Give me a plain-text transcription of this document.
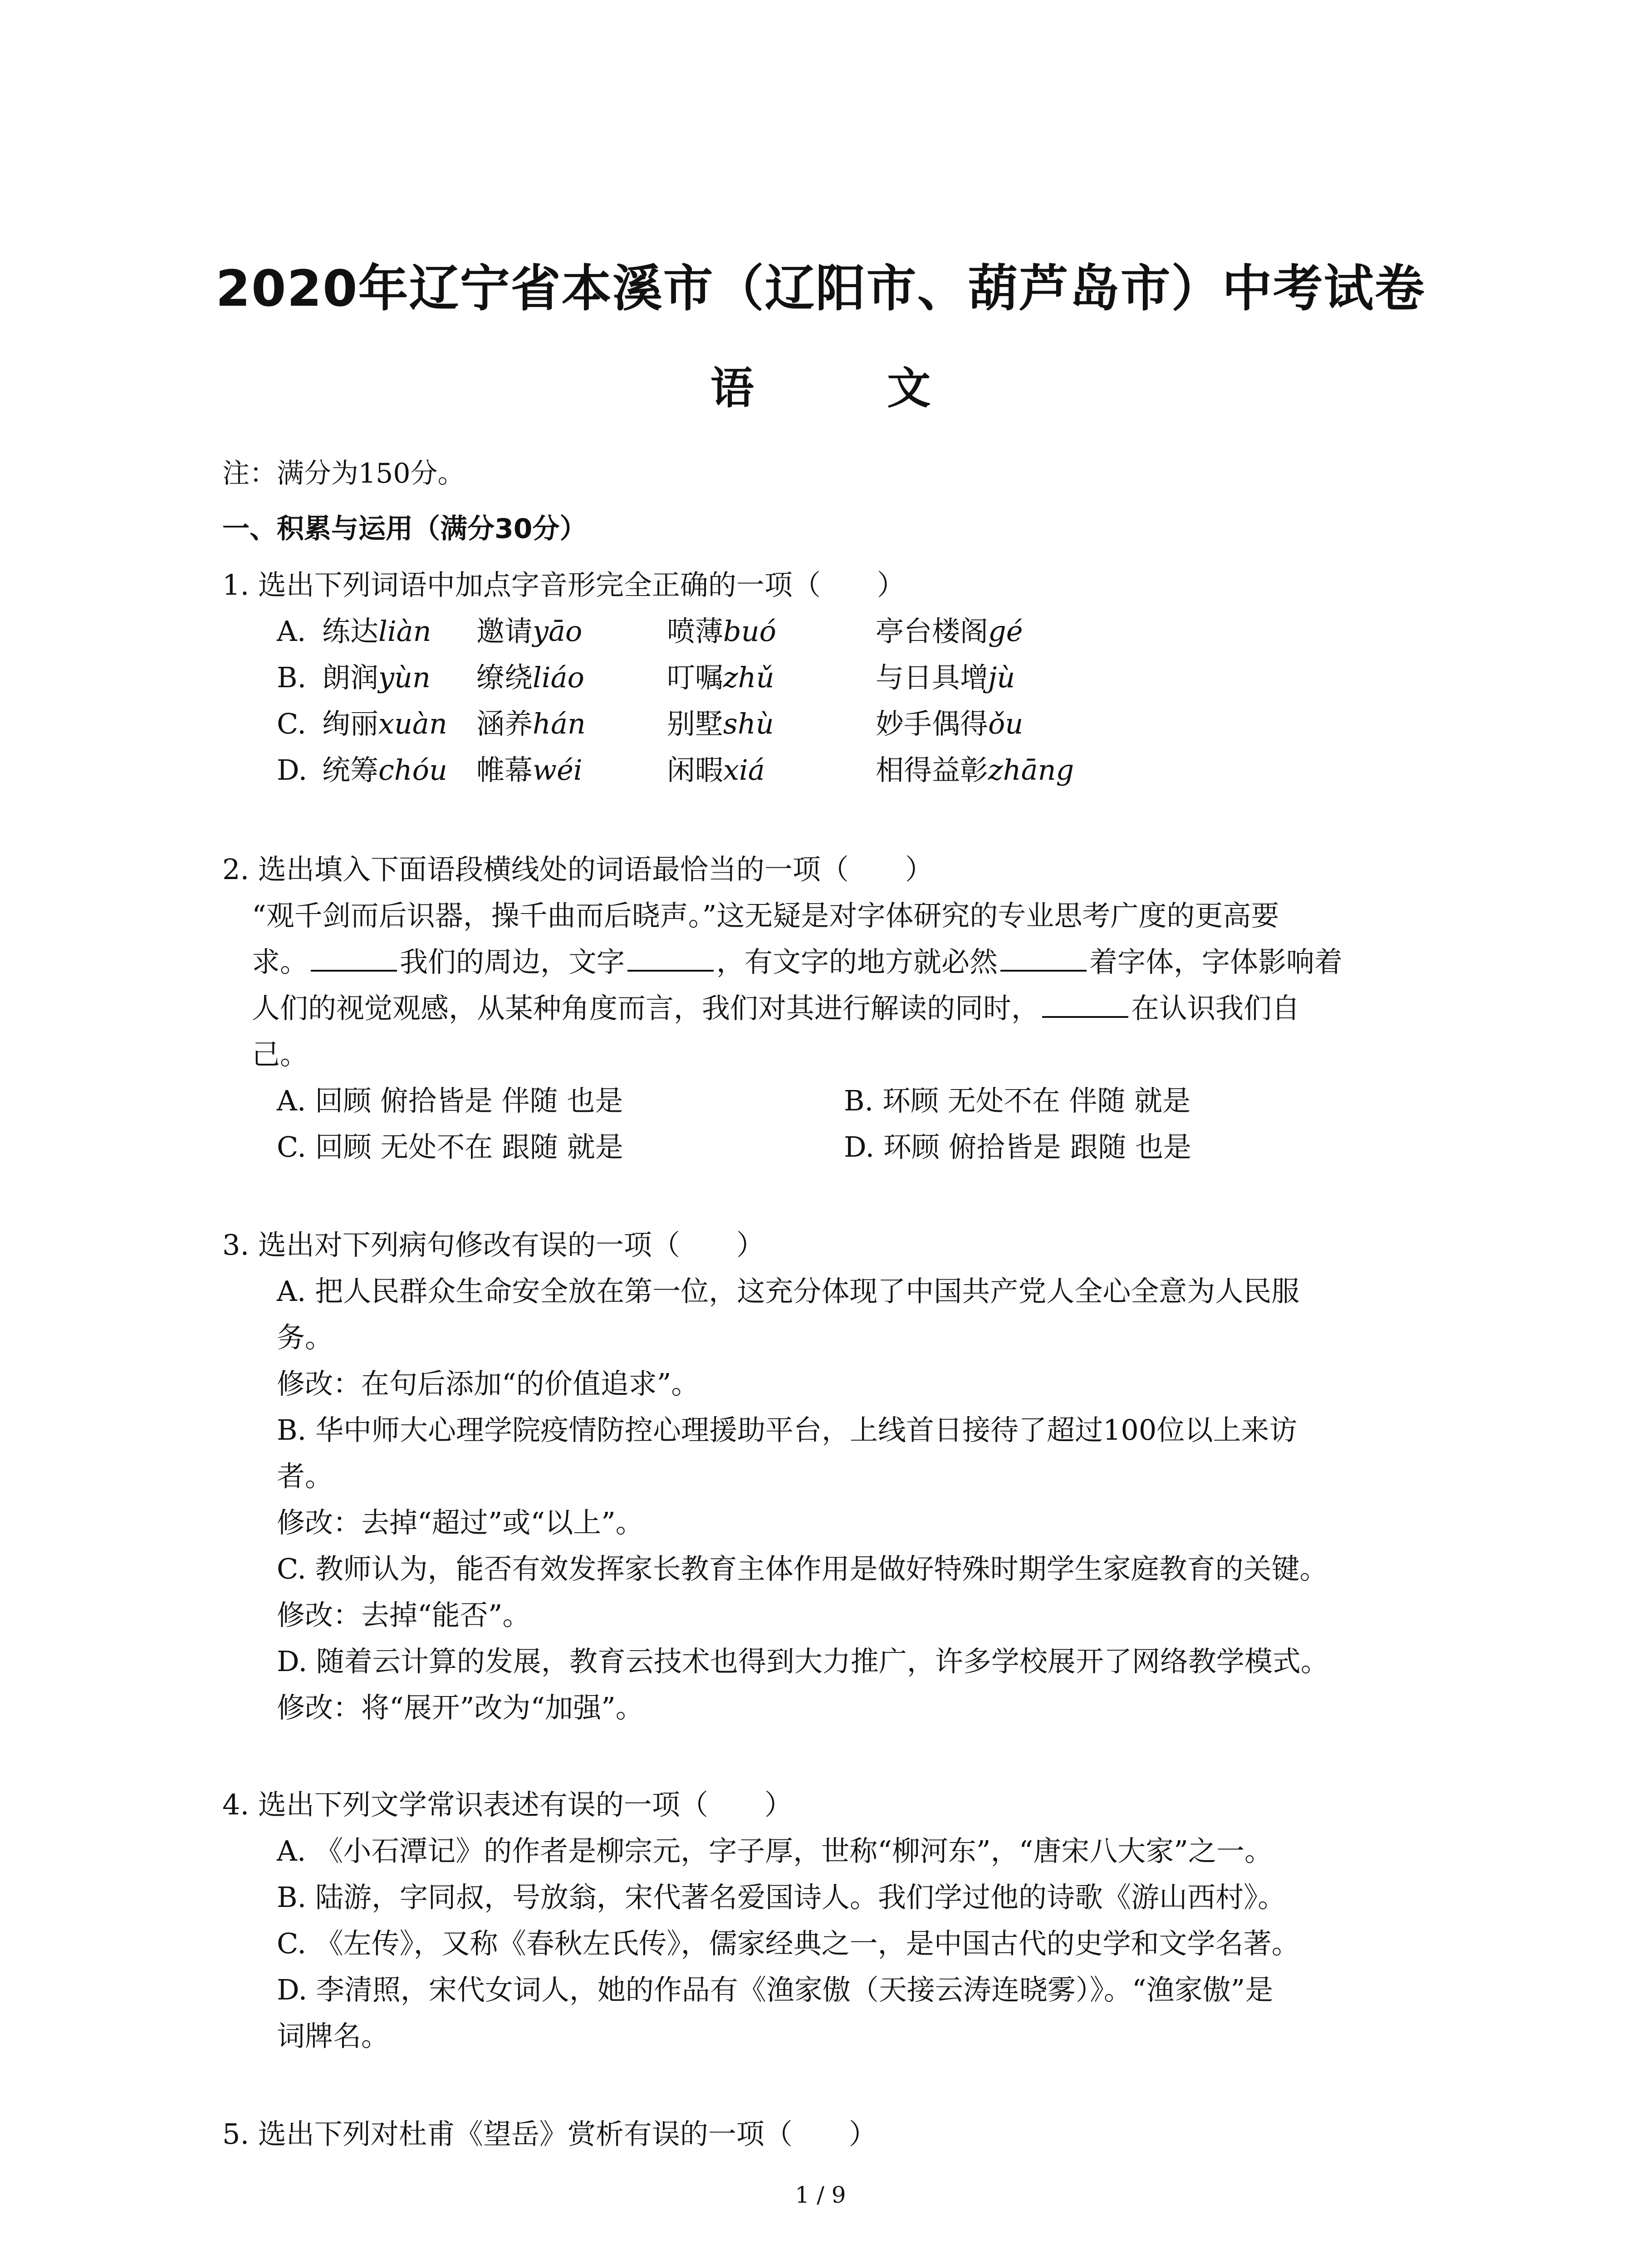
2020年辽宁省本溪市（辽阳市、葫芦岛市）中考试卷
语 文
注：满分为150分。
一、积累与运用（满分30分）
1. 选出下列词语中加点字音形完全正确的一项（　　）
A. 练达liàn 邀请yāo	喷薄buó	亭台楼阁gé
B. 朗润yùn 缭绕liáo	叮嘱zhǔ	与日具增jù
C. 绚丽xuàn 涵养hán	别墅shù	妙手偶得ǒu
D. 统筹chóu 帷幕wéi	闲暇xiá	相得益彰zhāng
2. 选出填入下面语段横线处的词语最恰当的一项（　　）
“观千剑而后识器，操千曲而后晓声。”这无疑是对字体研究的专业思考广度的更高要
求。	我们的周边，文字	，有文字的地方就必然	着字体，字体影响着
人们的视觉观感，从某种角度而言，我们对其进行解读的同时，	在认识我们自
己。
A. 回顾 俯拾皆是 伴随 也是	B. 环顾 无处不在 伴随 就是
C. 回顾 无处不在 跟随 就是	D. 环顾 俯拾皆是 跟随 也是
3. 选出对下列病句修改有误的一项（　　）
A. 把人民群众生命安全放在第一位，这充分体现了中国共产党人全心全意为人民服
务。
修改：在句后添加“的价值追求”。
B. 华中师大心理学院疫情防控心理援助平台，上线首日接待了超过100位以上来访
者。
修改：去掉“超过”或“以上”。
C. 教师认为，能否有效发挥家长教育主体作用是做好特殊时期学生家庭教育的关键。
修改：去掉“能否”。
D. 随着云计算的发展，教育云技术也得到大力推广，许多学校展开了网络教学模式。
修改：将“展开”改为“加强”。
4. 选出下列文学常识表述有误的一项（　　）
A. 《小石潭记》的作者是柳宗元，字子厚，世称“柳河东”，“唐宋八大家”之一。
B. 陆游，字同叔，号放翁，宋代著名爱国诗人。我们学过他的诗歌《游山西村》。
C. 《左传》，又称《春秋左氏传》，儒家经典之一，是中国古代的史学和文学名著。
D. 李清照，宋代女词人，她的作品有《渔家傲（天接云涛连晓雾）》。“渔家傲”是
词牌名。
5. 选出下列对杜甫《望岳》赏析有误的一项（　　）
1 / 9
